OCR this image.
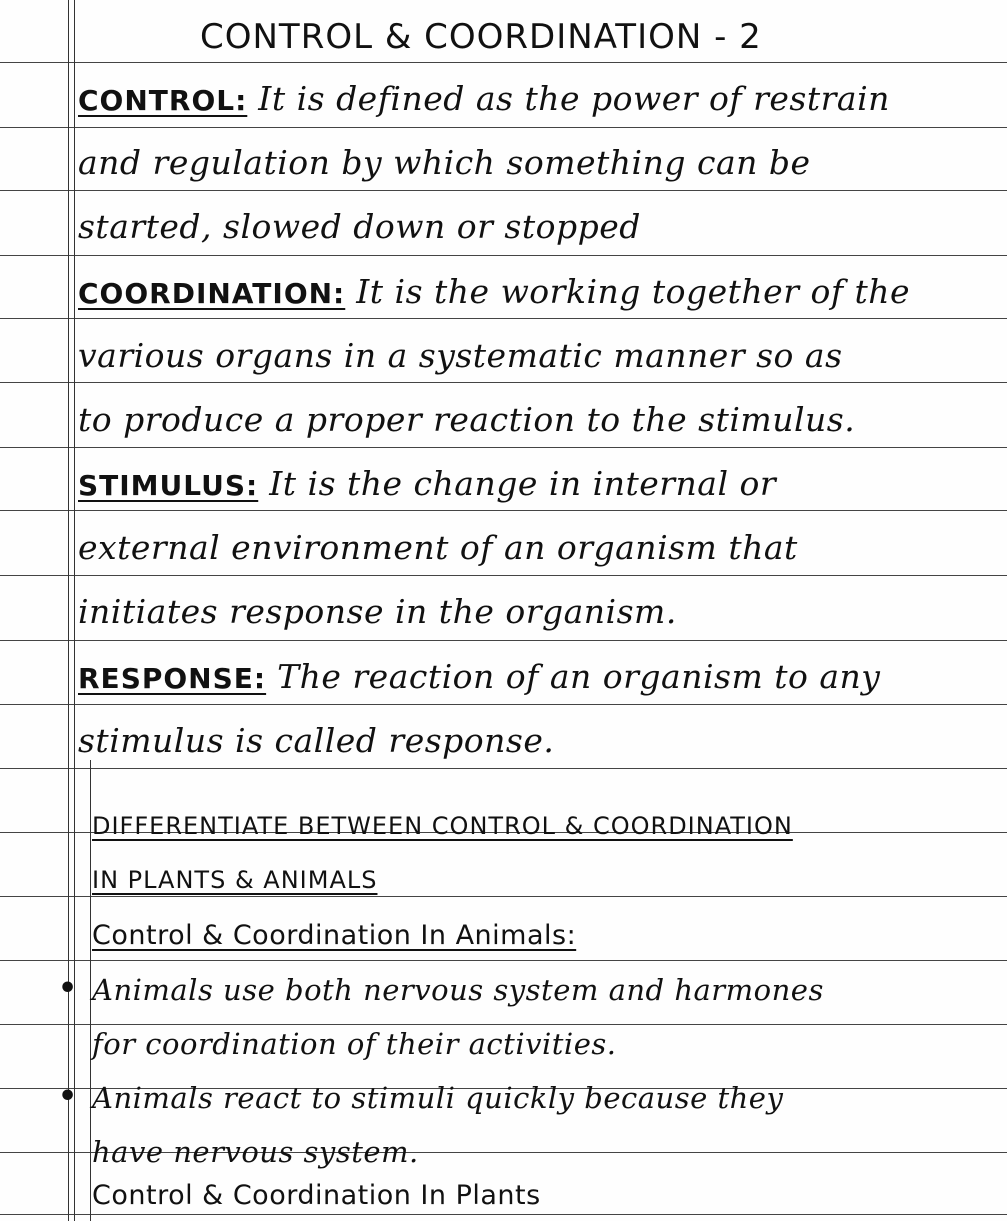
CONTROL & COORDINATION - 2
CONTROL: It is defined as the power of restrain
and regulation by which something can be
started, slowed down or stopped
COORDINATION: It is the working together of the
various organs in a systematic manner so as
to produce a proper reaction to the stimulus.
STIMULUS: It is the change in internal or
external environment of an organism that
initiates response in the organism.
RESPONSE: The reaction of an organism to any
stimulus is called response.
DIFFERENTIATE BETWEEN CONTROL & COORDINATION
IN PLANTS & ANIMALS
Control & Coordination In Animals:
• Animals use both nervous system and harmones
for coordination of their activities.
• Animals react to stimuli quickly because they
have nervous system.
Control & Coordination In Plants
